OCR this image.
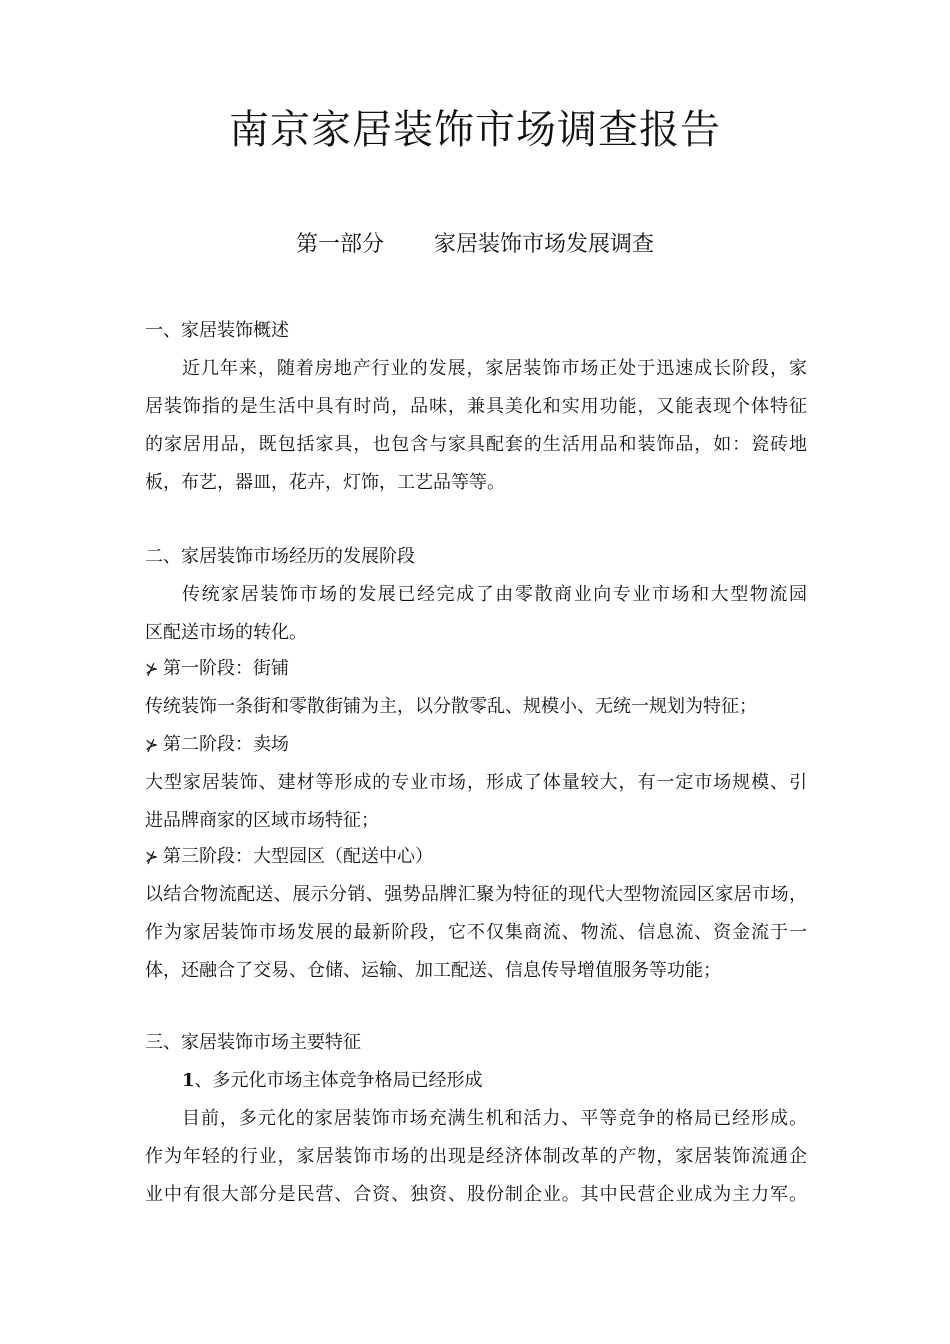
南京家居装饰市场调查报告
第一部分 家居装饰市场发展调查
一、家居装饰概述
近几年来，随着房地产行业的发展，家居装饰市场正处于迅速成长阶段，家
居装饰指的是生活中具有时尚，品味，兼具美化和实用功能，又能表现个体特征
的家居用品，既包括家具，也包含与家具配套的生活用品和装饰品，如：瓷砖地
板，布艺，器皿，花卉，灯饰，工艺品等等。
二、家居装饰市场经历的发展阶段
传统家居装饰市场的发展已经完成了由零散商业向专业市场和大型物流园
区配送市场的转化。
⊁ 第一阶段：街铺
传统装饰一条街和零散街铺为主，以分散零乱、规模小、无统一规划为特征；
⊁ 第二阶段：卖场
大型家居装饰、建材等形成的专业市场，形成了体量较大，有一定市场规模、引
进品牌商家的区域市场特征；
⊁ 第三阶段：大型园区（配送中心）
以结合物流配送、展示分销、强势品牌汇聚为特征的现代大型物流园区家居市场，
作为家居装饰市场发展的最新阶段，它不仅集商流、物流、信息流、资金流于一
体，还融合了交易、仓储、运输、加工配送、信息传导增值服务等功能；
三、家居装饰市场主要特征
1、多元化市场主体竞争格局已经形成
目前，多元化的家居装饰市场充满生机和活力、平等竞争的格局已经形成。
作为年轻的行业，家居装饰市场的出现是经济体制改革的产物，家居装饰流通企
业中有很大部分是民营、合资、独资、股份制企业。其中民营企业成为主力军。
